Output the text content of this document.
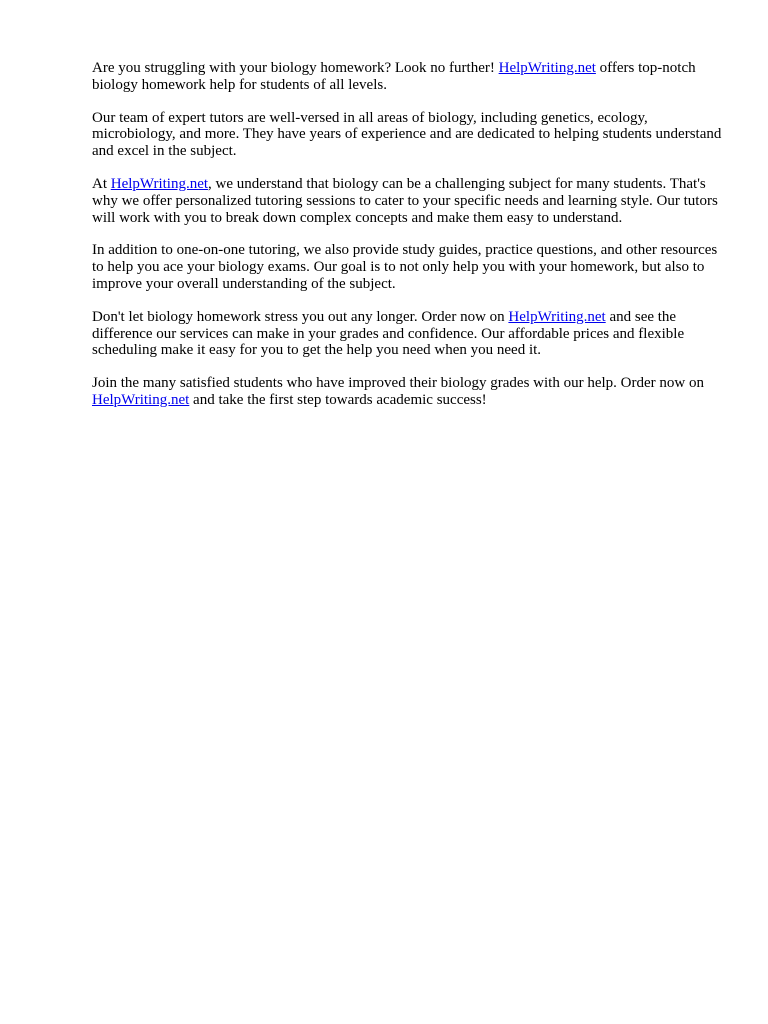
Are you struggling with your biology homework? Look no further! HelpWriting.net offers top-notch biology homework help for students of all levels.

Our team of expert tutors are well-versed in all areas of biology, including genetics, ecology, microbiology, and more. They have years of experience and are dedicated to helping students understand and excel in the subject.

At HelpWriting.net, we understand that biology can be a challenging subject for many students. That's why we offer personalized tutoring sessions to cater to your specific needs and learning style. Our tutors will work with you to break down complex concepts and make them easy to understand.

In addition to one-on-one tutoring, we also provide study guides, practice questions, and other resources to help you ace your biology exams. Our goal is to not only help you with your homework, but also to improve your overall understanding of the subject.

Don't let biology homework stress you out any longer. Order now on HelpWriting.net and see the difference our services can make in your grades and confidence. Our affordable prices and flexible scheduling make it easy for you to get the help you need when you need it.

Join the many satisfied students who have improved their biology grades with our help. Order now on HelpWriting.net and take the first step towards academic success!
